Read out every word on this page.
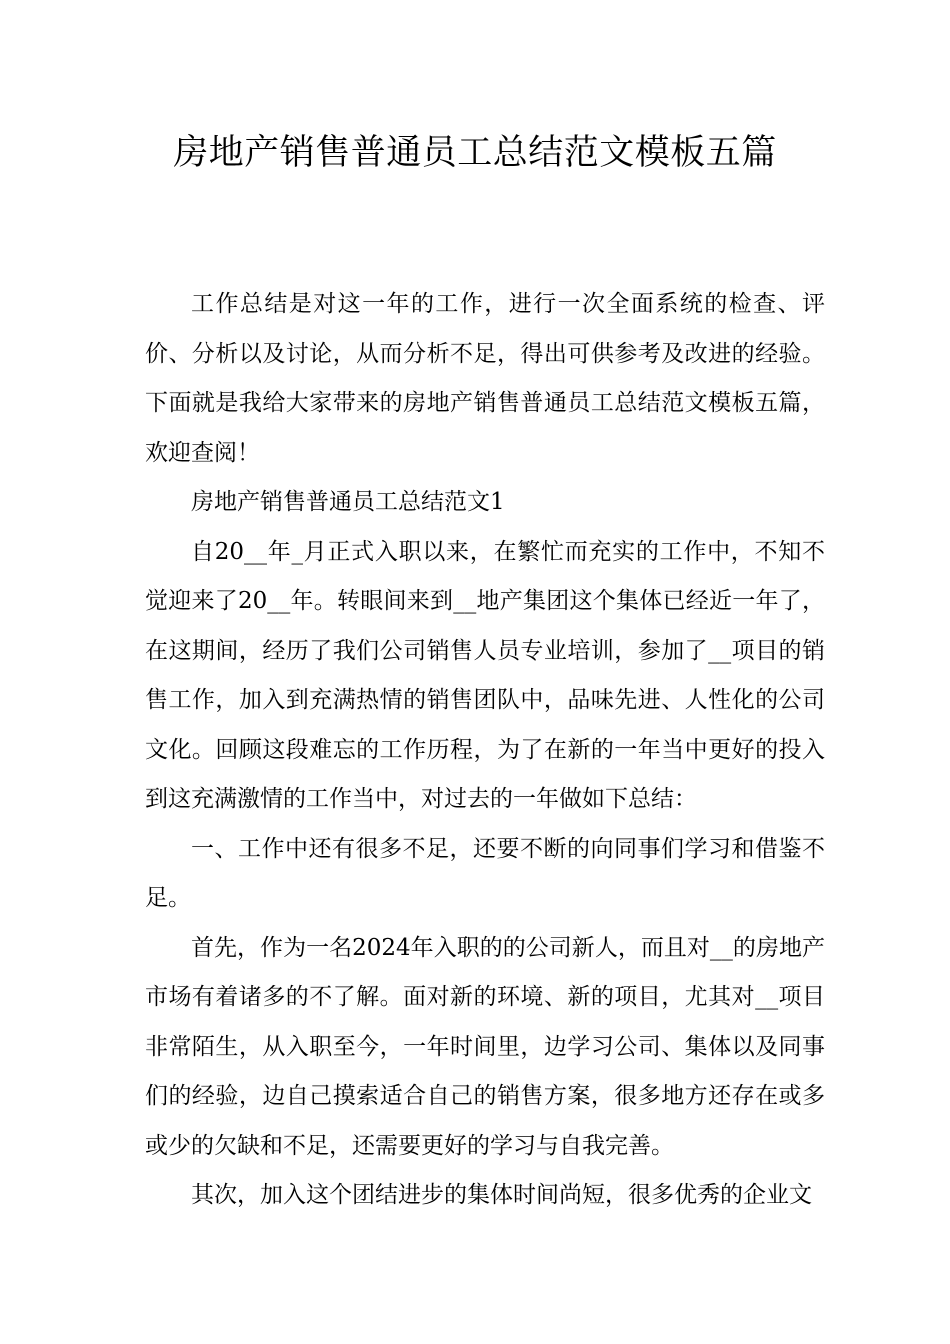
房地产销售普通员工总结范文模板五篇

工作总结是对这一年的工作，进行一次全面系统的检查、评价、分析以及讨论，从而分析不足，得出可供参考及改进的经验。下面就是我给大家带来的房地产销售普通员工总结范文模板五篇，欢迎查阅！

房地产销售普通员工总结范文1

自20__年_月正式入职以来，在繁忙而充实的工作中，不知不觉迎来了20__年。转眼间来到__地产集团这个集体已经近一年了，在这期间，经历了我们公司销售人员专业培训，参加了__项目的销售工作，加入到充满热情的销售团队中，品味先进、人性化的公司文化。回顾这段难忘的工作历程，为了在新的一年当中更好的投入到这充满激情的工作当中，对过去的一年做如下总结：

一、工作中还有很多不足，还要不断的向同事们学习和借鉴不足。

首先，作为一名2024年入职的的公司新人，而且对__的房地产市场有着诸多的不了解。面对新的环境、新的项目，尤其对__项目非常陌生，从入职至今，一年时间里，边学习公司、集体以及同事们的经验，边自己摸索适合自己的销售方案，很多地方还存在或多或少的欠缺和不足，还需要更好的学习与自我完善。

其次，加入这个团结进步的集体时间尚短，很多优秀的企业文
